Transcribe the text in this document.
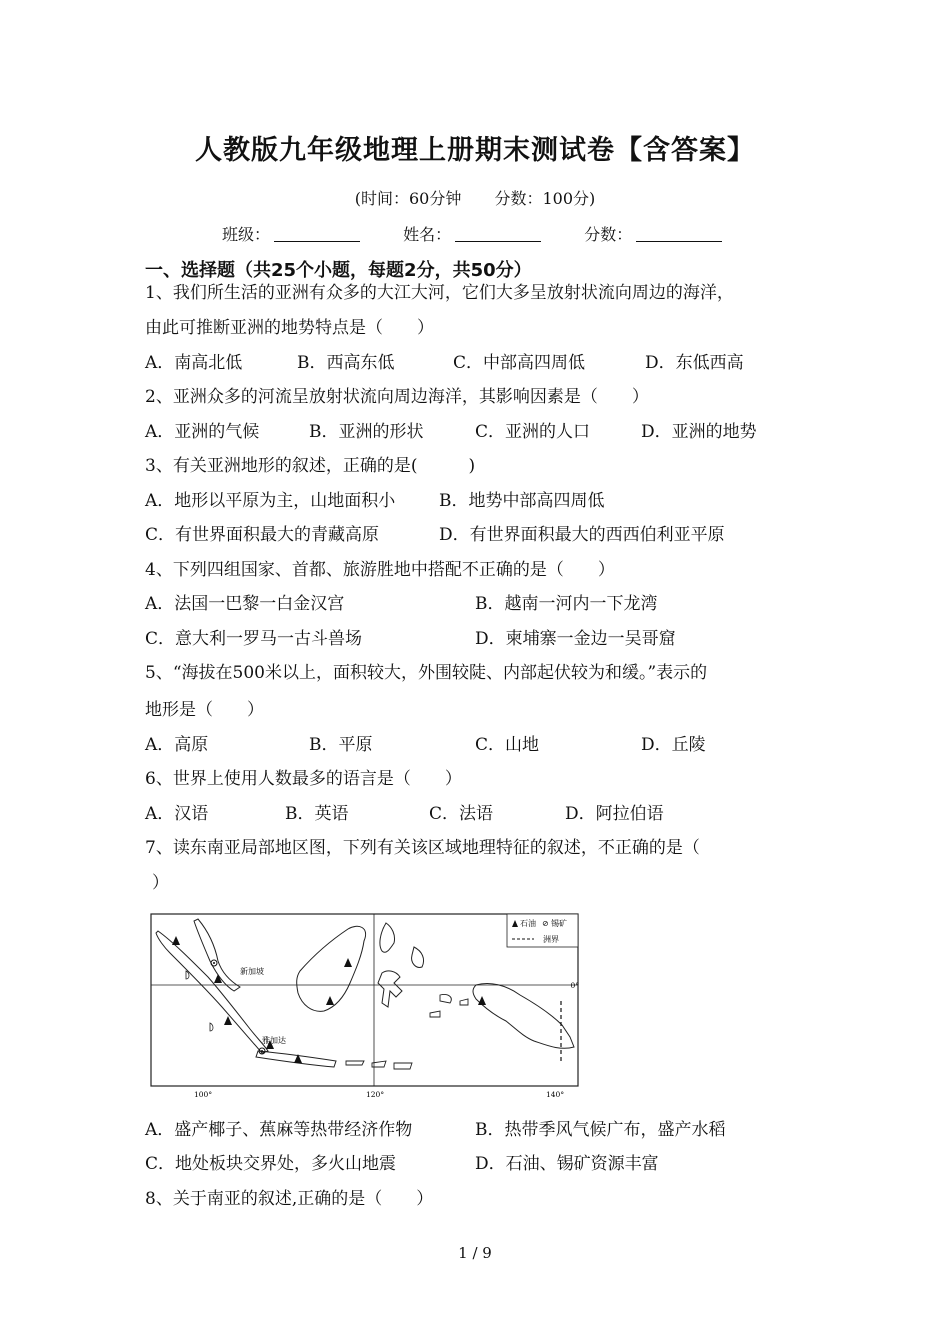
人教版九年级地理上册期末测试卷【含答案】
(时间：60分钟 分数：100分)
班级：	姓名：	分数：
一、选择题（共25个小题，每题2分，共50分）
1、我们所生活的亚洲有众多的大江大河，它们大多呈放射状流向周边的海洋，
由此可推断亚洲的地势特点是（　　）
A．南高北低	B．西高东低	C．中部高四周低	D．东低西高
2、亚洲众多的河流呈放射状流向周边海洋，其影响因素是（　　）
A．亚洲的气候	B．亚洲的形状	C．亚洲的人口	D．亚洲的地势
3、有关亚洲地形的叙述，正确的是(　　　)
A．地形以平原为主，山地面积小	B．地势中部高四周低
C．有世界面积最大的青藏高原	D．有世界面积最大的西西伯利亚平原
4、下列四组国家、首都、旅游胜地中搭配不正确的是（　　）
A．法国一巴黎一白金汉宫	B．越南一河内一下龙湾
C．意大利一罗马一古斗兽场	D．柬埔寨一金边一吴哥窟
5、“海拔在500米以上，面积较大，外围较陡、内部起伏较为和缓。”表示的
地形是（　　）
A．高原	B．平原	C．山地	D．丘陵
6、世界上使用人数最多的语言是（　　）
A．汉语	B．英语	C．法语	D．阿拉伯语
7、读东南亚局部地区图，下列有关该区域地理特征的叙述，不正确的是（
）
石油 ⊘ 锡矿
洲界
新加坡
雅加达
100°	120°	140°
0°
A．盛产椰子、蕉麻等热带经济作物	B．热带季风气候广布，盛产水稻
C．地处板块交界处，多火山地震	D．石油、锡矿资源丰富
8、关于南亚的叙述,正确的是（　　）
1 / 9
